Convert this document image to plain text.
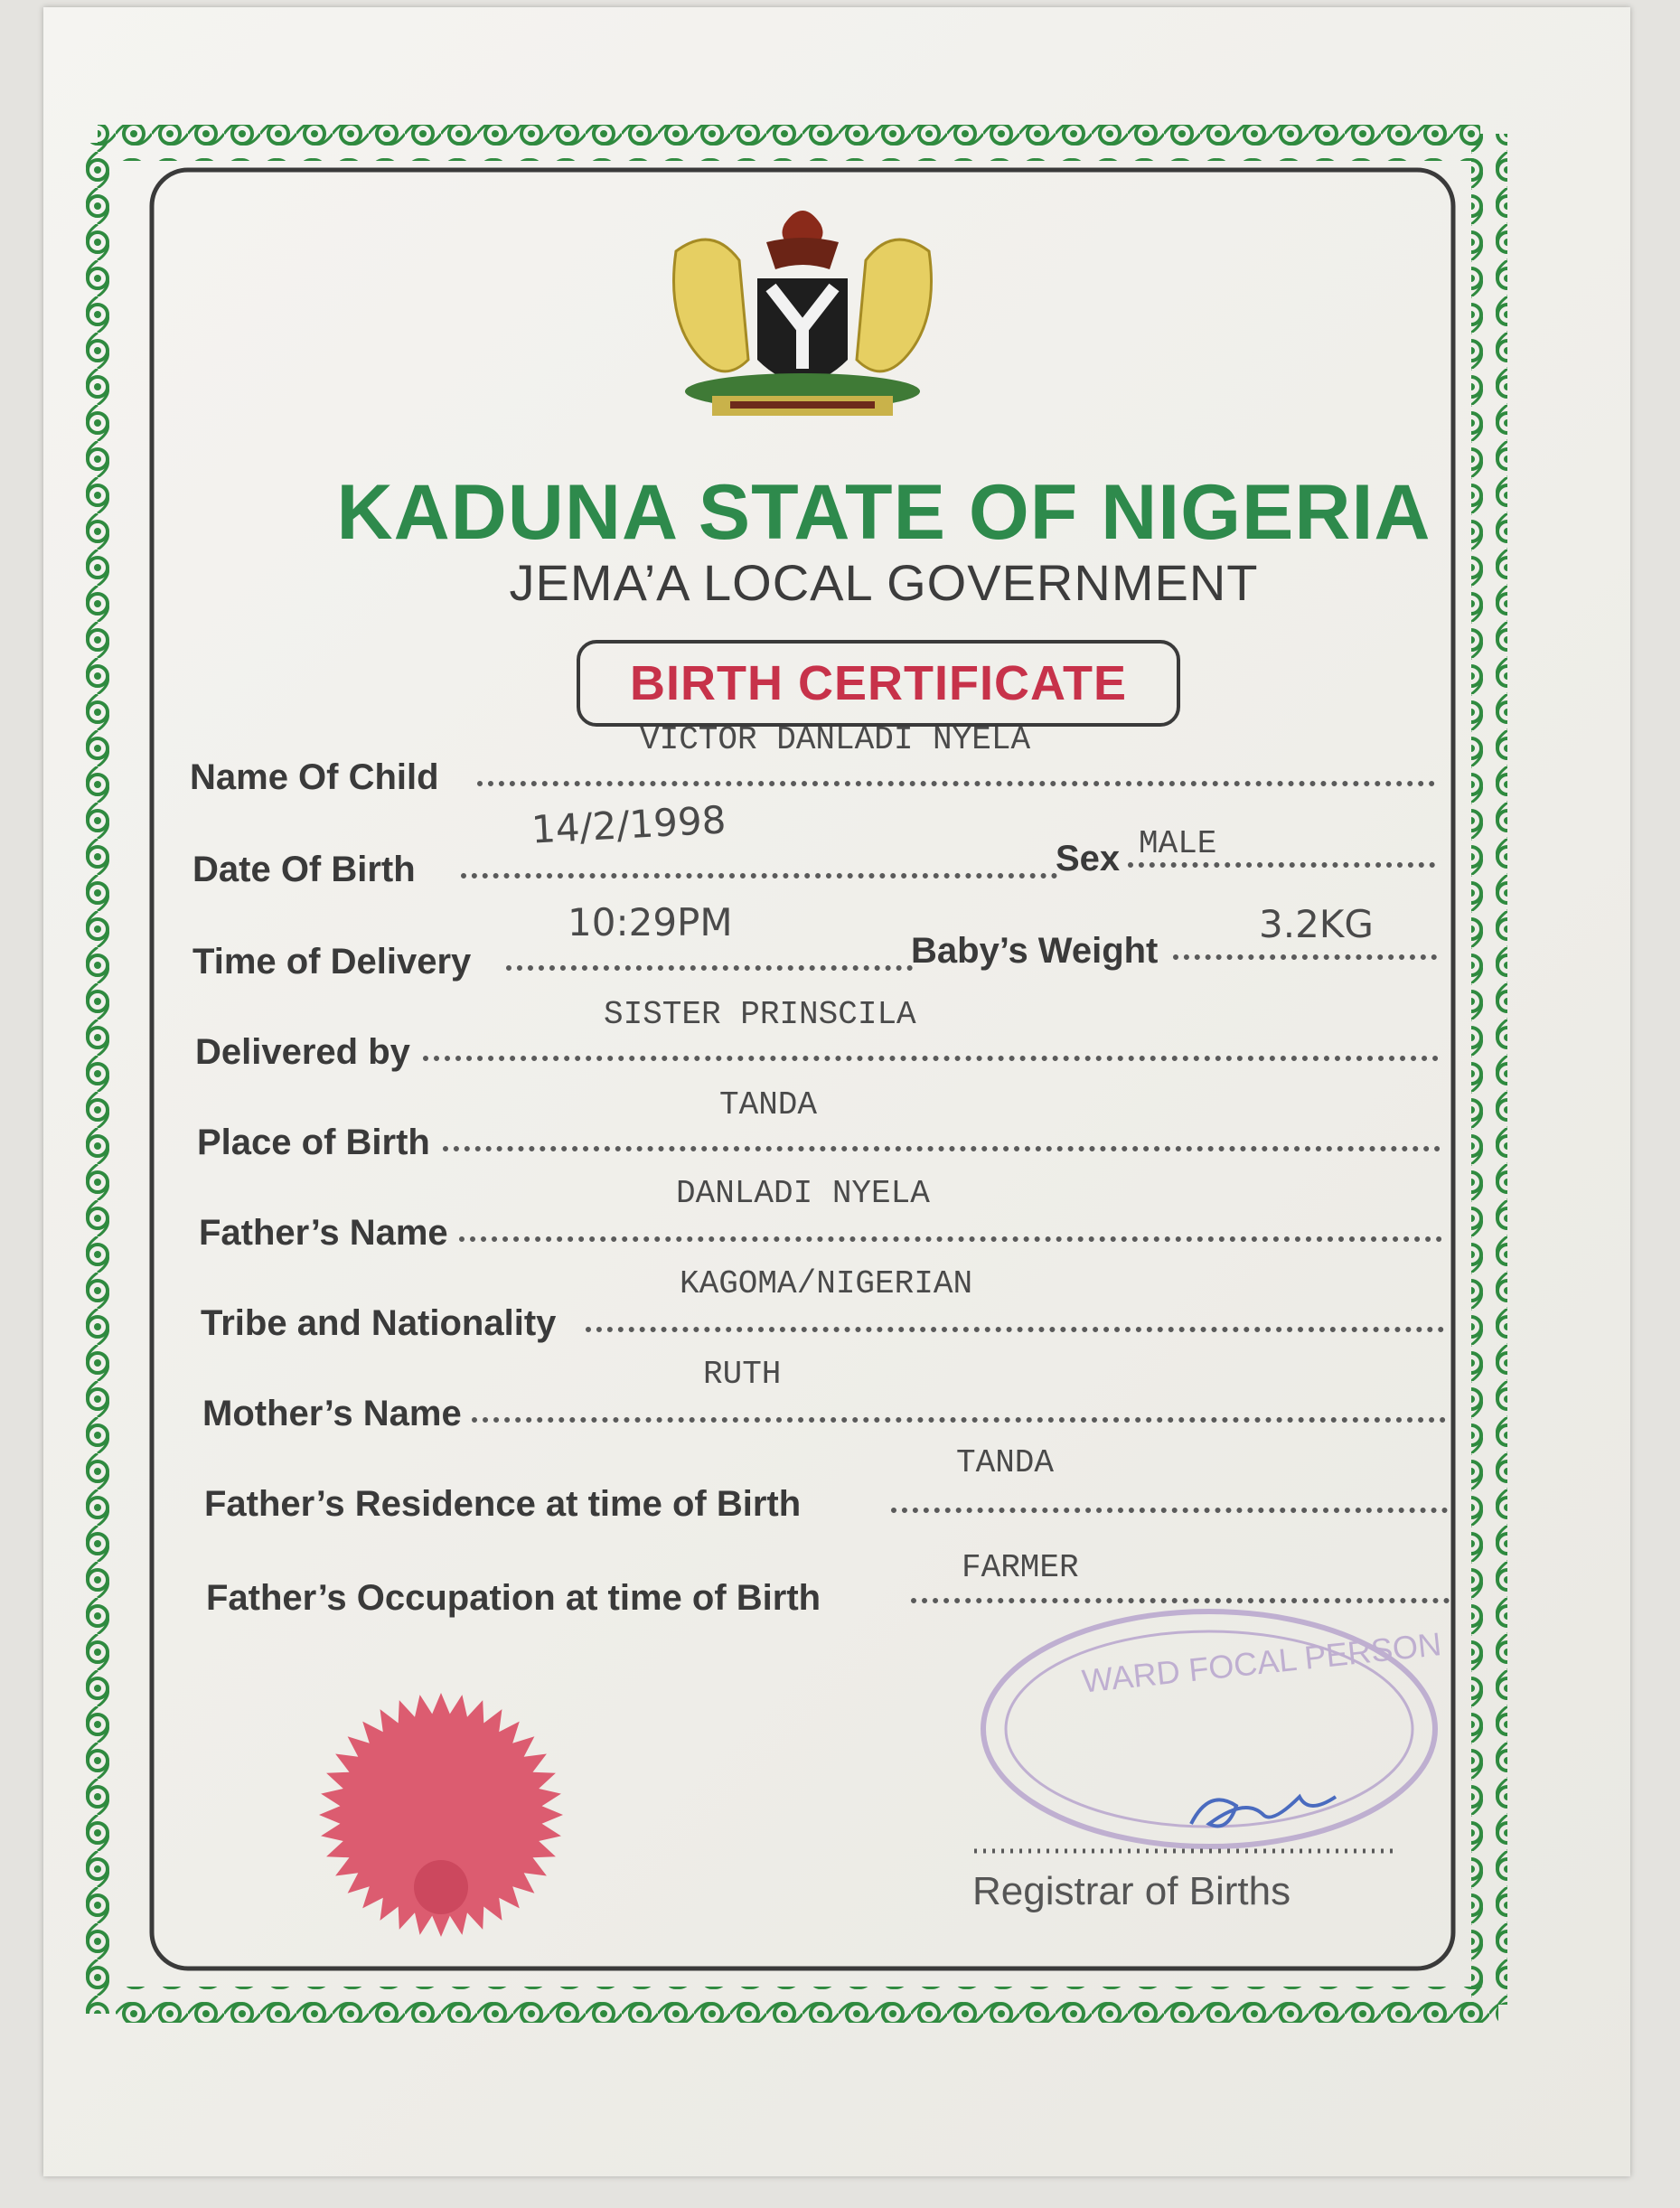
WARD FOCAL PERSON
KADUNA STATE OF NIGERIA
JEMA’A LOCAL GOVERNMENT
BIRTH CERTIFICATE
Name Of Child
VICTOR DANLADI NYELA
Date Of Birth
14/2/1998
Sex MALE
Time of Delivery
10:29PM
Baby’s Weight
3.2KG
Delivered by
SISTER PRINSCILA
Place of Birth
TANDA
Father’s Name
DANLADI NYELA
Tribe and Nationality
KAGOMA/NIGERIAN
Mother’s Name
RUTH
Father’s Residence at time of Birth
TANDA
Father’s Occupation at time of Birth
FARMER
Registrar of Births
